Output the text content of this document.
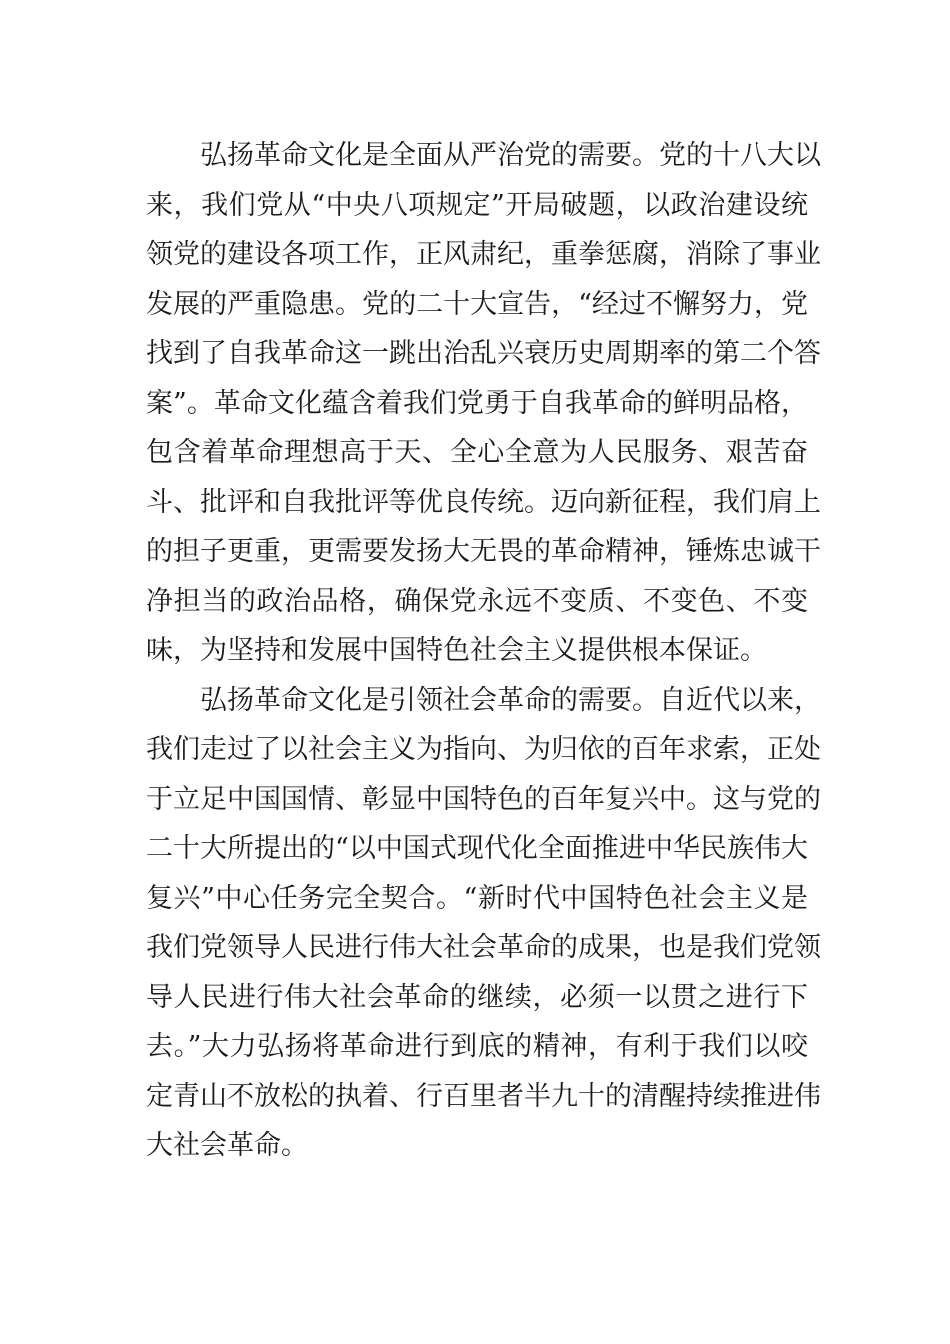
弘扬革命文化是全面从严治党的需要。党的十八大以
来，我们党从“中央八项规定”开局破题，以政治建设统
领党的建设各项工作，正风肃纪，重拳惩腐，消除了事业
发展的严重隐患。党的二十大宣告，“经过不懈努力，党
找到了自我革命这一跳出治乱兴衰历史周期率的第二个答
案”。革命文化蕴含着我们党勇于自我革命的鲜明品格，
包含着革命理想高于天、全心全意为人民服务、艰苦奋
斗、批评和自我批评等优良传统。迈向新征程，我们肩上
的担子更重，更需要发扬大无畏的革命精神，锤炼忠诚干
净担当的政治品格，确保党永远不变质、不变色、不变
味，为坚持和发展中国特色社会主义提供根本保证。
弘扬革命文化是引领社会革命的需要。自近代以来，
我们走过了以社会主义为指向、为归依的百年求索，正处
于立足中国国情、彰显中国特色的百年复兴中。这与党的
二十大所提出的“以中国式现代化全面推进中华民族伟大
复兴”中心任务完全契合。“新时代中国特色社会主义是
我们党领导人民进行伟大社会革命的成果，也是我们党领
导人民进行伟大社会革命的继续，必须一以贯之进行下
去。”大力弘扬将革命进行到底的精神，有利于我们以咬
定青山不放松的执着、行百里者半九十的清醒持续推进伟
大社会革命。
